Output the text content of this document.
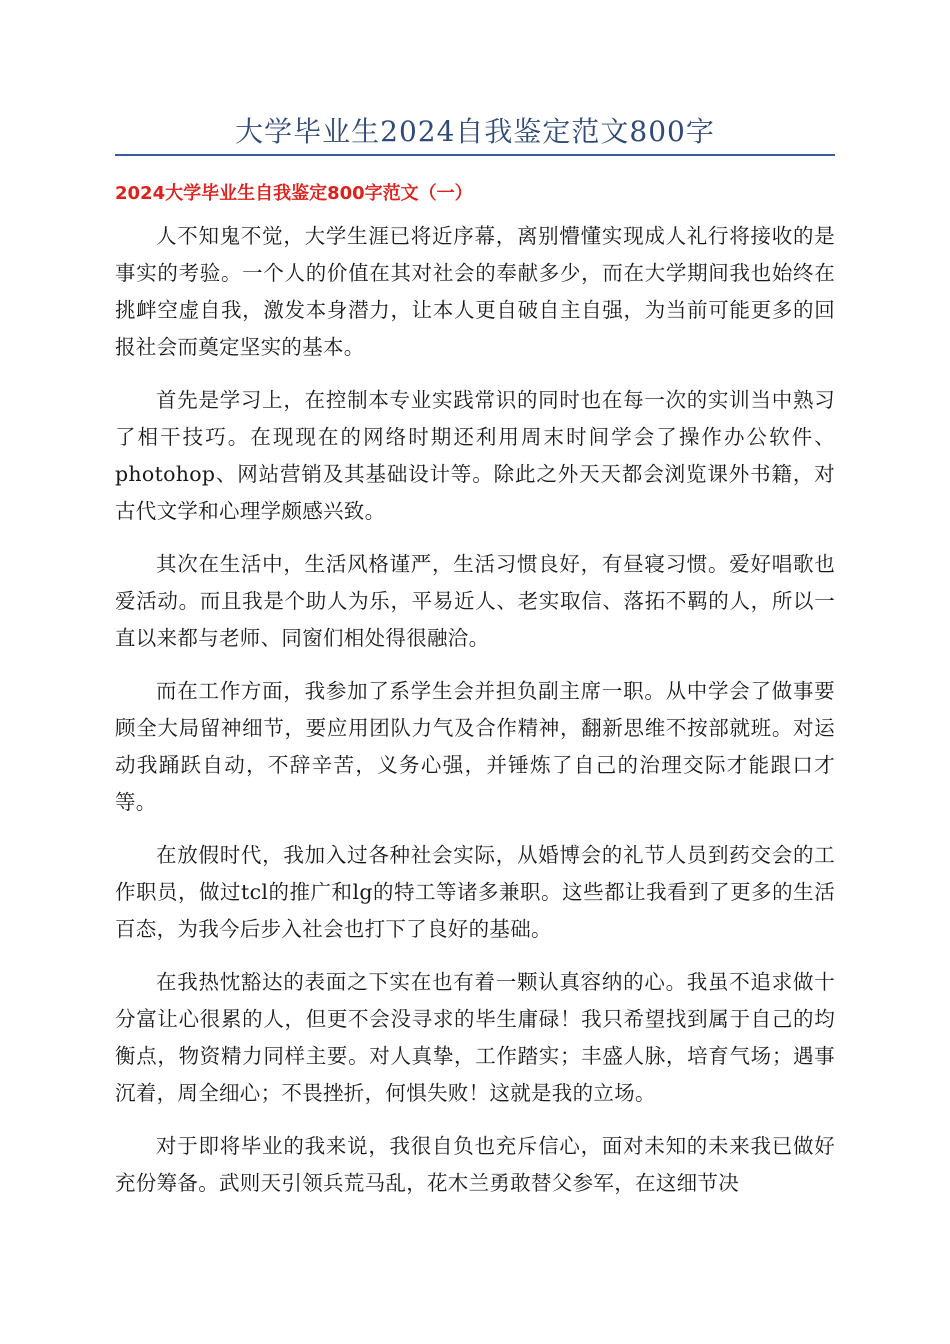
大学毕业生2024自我鉴定范文800字
2024大学毕业生自我鉴定800字范文（一）

人不知鬼不觉，大学生涯已将近序幕，离别懵懂实现成人礼行将接收的是事实的考验。一个人的价值在其对社会的奉献多少，而在大学期间我也始终在挑衅空虚自我，激发本身潜力，让本人更自破自主自强，为当前可能更多的回报社会而奠定坚实的基本。

首先是学习上，在控制本专业实践常识的同时也在每一次的实训当中熟习了相干技巧。在现现在的网络时期还利用周末时间学会了操作办公软件、photohop、网站营销及其基础设计等。除此之外天天都会浏览课外书籍，对古代文学和心理学颇感兴致。

其次在生活中，生活风格谨严，生活习惯良好，有昼寝习惯。爱好唱歌也爱活动。而且我是个助人为乐，平易近人、老实取信、落拓不羁的人，所以一直以来都与老师、同窗们相处得很融洽。

而在工作方面，我参加了系学生会并担负副主席一职。从中学会了做事要顾全大局留神细节，要应用团队力气及合作精神，翻新思维不按部就班。对运动我踊跃自动，不辞辛苦，义务心强，并锤炼了自己的治理交际才能跟口才等。

在放假时代，我加入过各种社会实际，从婚博会的礼节人员到药交会的工作职员，做过tcl的推广和lg的特工等诸多兼职。这些都让我看到了更多的生活百态，为我今后步入社会也打下了良好的基础。

在我热忱豁达的表面之下实在也有着一颗认真容纳的心。我虽不追求做十分富让心很累的人，但更不会没寻求的毕生庸碌！我只希望找到属于自己的均衡点，物资精力同样主要。对人真挚，工作踏实；丰盛人脉，培育气场；遇事沉着，周全细心；不畏挫折，何惧失败！这就是我的立场。

对于即将毕业的我来说，我很自负也充斥信心，面对未知的未来我已做好充份筹备。武则天引领兵荒马乱，花木兰勇敢替父参军，在这细节决
